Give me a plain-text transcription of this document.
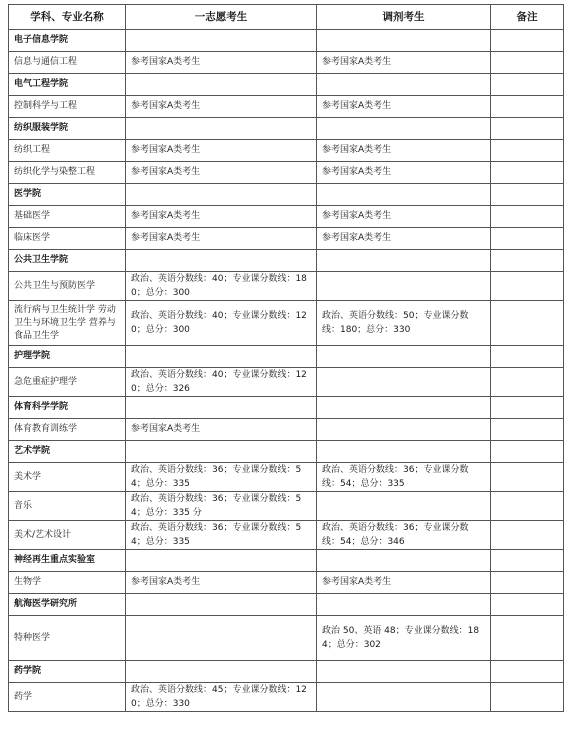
学科、专业名称	一志愿考生	调剂考生	备注
电子信息学院			
信息与通信工程	参考国家A类考生	参考国家A类考生	
电气工程学院			
控制科学与工程	参考国家A类考生	参考国家A类考生	
纺织服装学院			
纺织工程	参考国家A类考生	参考国家A类考生	
纺织化学与染整工程	参考国家A类考生	参考国家A类考生	
医学院			
基础医学	参考国家A类考生	参考国家A类考生	
临床医学	参考国家A类考生	参考国家A类考生	
公共卫生学院			
公共卫生与预防医学	政治、英语分数线：40；专业课分数线：180；总分：300		
流行病与卫生统计学 劳动卫生与环境卫生学 营养与食品卫生学	政治、英语分数线：40；专业课分数线：120；总分：300	政治、英语分数线：50；专业课分数线：180；总分：330	
护理学院			
急危重症护理学	政治、英语分数线：40；专业课分数线：120；总分：326		
体育科学学院			
体育教育训练学	参考国家A类考生		
艺术学院			
美术学	政治、英语分数线：36；专业课分数线：54；总分：335	政治、英语分数线：36；专业课分数线：54；总分：335	
音乐	政治、英语分数线：36；专业课分数线：54；总分：335 分		
美术/艺术设计	政治、英语分数线：36；专业课分数线：54；总分：335	政治、英语分数线：36；专业课分数线：54；总分：346	
神经再生重点实验室			
生物学	参考国家A类考生	参考国家A类考生	
航海医学研究所			
特种医学		政治 50、英语 48；专业课分数线：184；总分：302	
药学院			
药学	政治、英语分数线：45；专业课分数线：120；总分：330		
